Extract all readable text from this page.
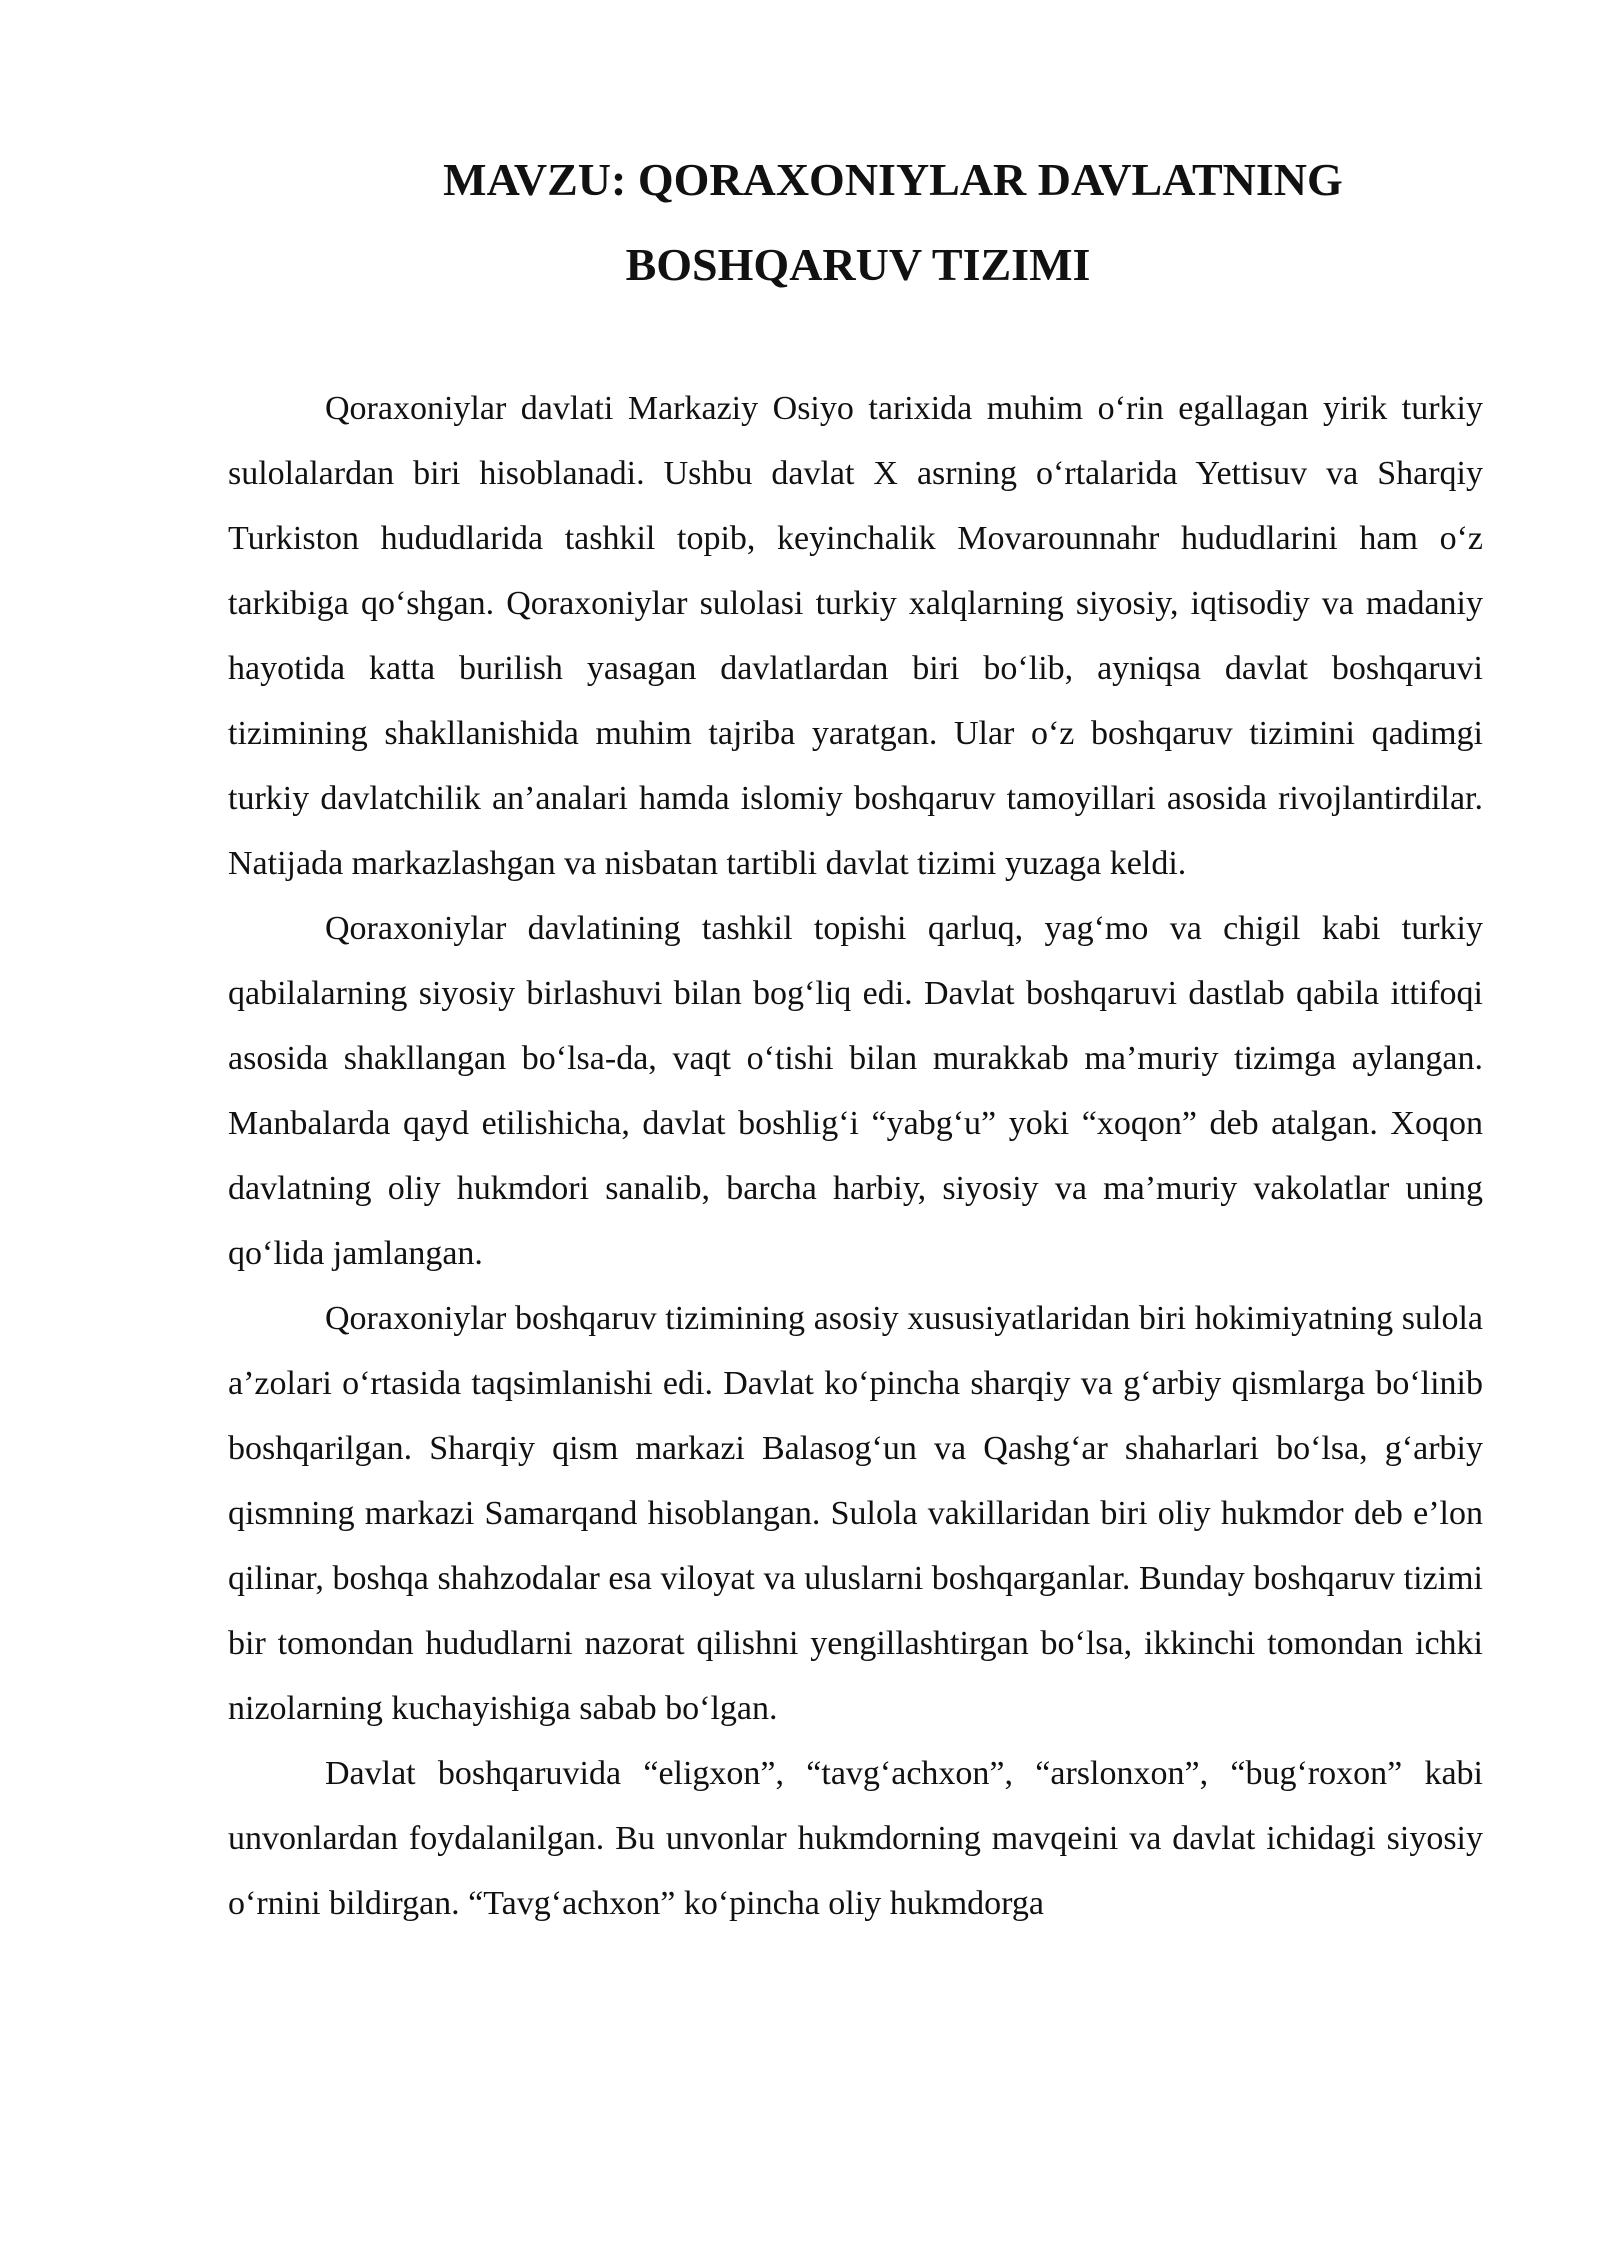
MAVZU: QORAXONIYLAR DAVLATNING
BOSHQARUV TIZIMI

Qoraxoniylar davlati Markaziy Osiyo tarixida muhim o‘rin egallagan yirik turkiy sulolalardan biri hisoblanadi. Ushbu davlat X asrning o‘rtalarida Yettisuv va Sharqiy Turkiston hududlarida tashkil topib, keyinchalik Movarounnahr hududlarini ham o‘z tarkibiga qo‘shgan. Qoraxoniylar sulolasi turkiy xalqlarning siyosiy, iqtisodiy va madaniy hayotida katta burilish yasagan davlatlardan biri bo‘lib, ayniqsa davlat boshqaruvi tizimining shakllanishida muhim tajriba yaratgan. Ular o‘z boshqaruv tizimini qadimgi turkiy davlatchilik an’analari hamda islomiy boshqaruv tamoyillari asosida rivojlantirdilar. Natijada markazlashgan va nisbatan tartibli davlat tizimi yuzaga keldi.

Qoraxoniylar davlatining tashkil topishi qarluq, yag‘mo va chigil kabi turkiy qabilalarning siyosiy birlashuvi bilan bog‘liq edi. Davlat boshqaruvi dastlab qabila ittifoqi asosida shakllangan bo‘lsa-da, vaqt o‘tishi bilan murakkab ma’muriy tizimga aylangan. Manbalarda qayd etilishicha, davlat boshlig‘i “yabg‘u” yoki “xoqon” deb atalgan. Xoqon davlatning oliy hukmdori sanalib, barcha harbiy, siyosiy va ma’muriy vakolatlar uning qo‘lida jamlangan.

Qoraxoniylar boshqaruv tizimining asosiy xususiyatlaridan biri hokimiyatning sulola a’zolari o‘rtasida taqsimlanishi edi. Davlat ko‘pincha sharqiy va g‘arbiy qismlarga bo‘linib boshqarilgan. Sharqiy qism markazi Balasog‘un va Qashg‘ar shaharlari bo‘lsa, g‘arbiy qismning markazi Samarqand hisoblangan. Sulola vakillaridan biri oliy hukmdor deb e’lon qilinar, boshqa shahzodalar esa viloyat va uluslarni boshqarganlar. Bunday boshqaruv tizimi bir tomondan hududlarni nazorat qilishni yengillashtirgan bo‘lsa, ikkinchi tomondan ichki nizolarning kuchayishiga sabab bo‘lgan.

Davlat boshqaruvida “eligxon”, “tavg‘achxon”, “arslonxon”, “bug‘roxon” kabi unvonlardan foydalanilgan. Bu unvonlar hukmdorning mavqeini va davlat ichidagi siyosiy o‘rnini bildirgan. “Tavg‘achxon” ko‘pincha oliy hukmdorga
